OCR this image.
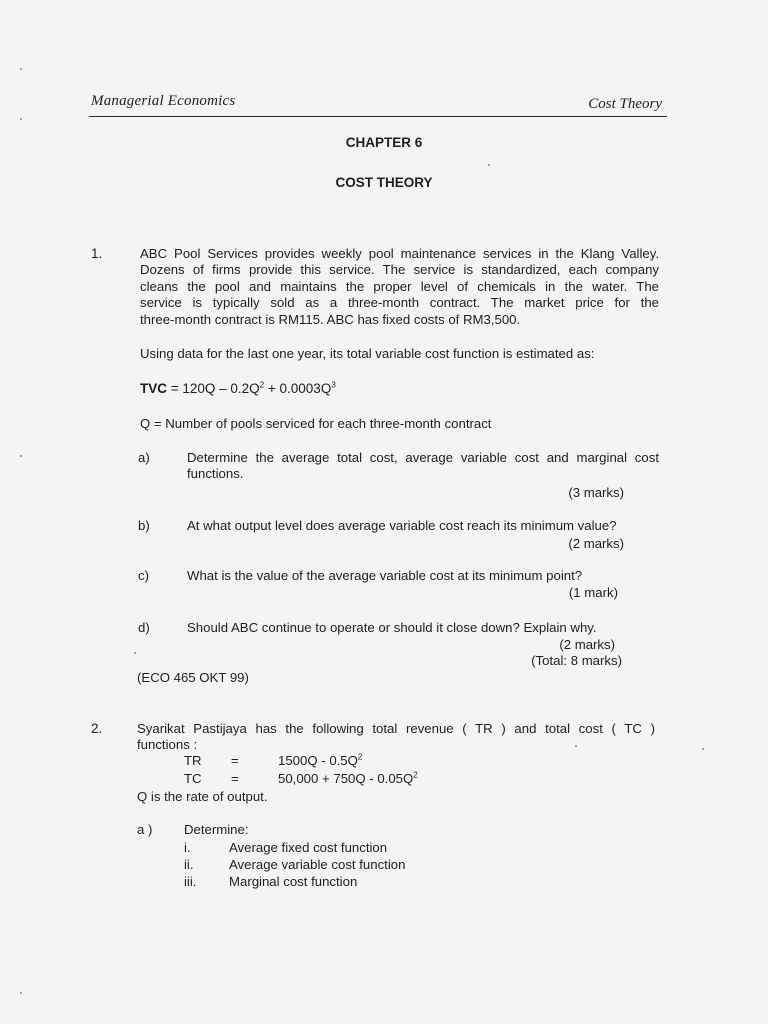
Managerial Economics	Cost Theory
CHAPTER 6
COST THEORY
1.	ABC Pool Services provides weekly pool maintenance services in the Klang Valley.
Dozens of firms provide this service. The service is standardized, each company
cleans the pool and maintains the proper level of chemicals in the water. The
service is typically sold as a three-month contract. The market price for the
three-month contract is RM115. ABC has fixed costs of RM3,500.
Using data for the last one year, its total variable cost function is estimated as:
TVC = $120Q - 0.2Q^2 + 0.0003Q^3$
Q = Number of pools serviced for each three-month contract
a)	Determine the average total cost, average variable cost and marginal cost
functions.
(3 marks)
b)	At what output level does average variable cost reach its minimum value?
(2 marks)
c)	What is the value of the average variable cost at its minimum point?
(1 mark)
d)	Should ABC continue to operate or should it close down? Explain why.
(2 marks)
(Total: 8 marks)
(ECO 465 OKT 99)
2.	Syarikat Pastijaya has the following total revenue ( TR ) and total cost ( TC )
functions :
TR =	$1500Q - 0.5Q^2$
TC =	$50,000 + 750Q - 0.05Q^2$
Q is the rate of output.
a ) Determine:
i.	Average fixed cost function
ii.	Average variable cost function
iii. Marginal cost function
